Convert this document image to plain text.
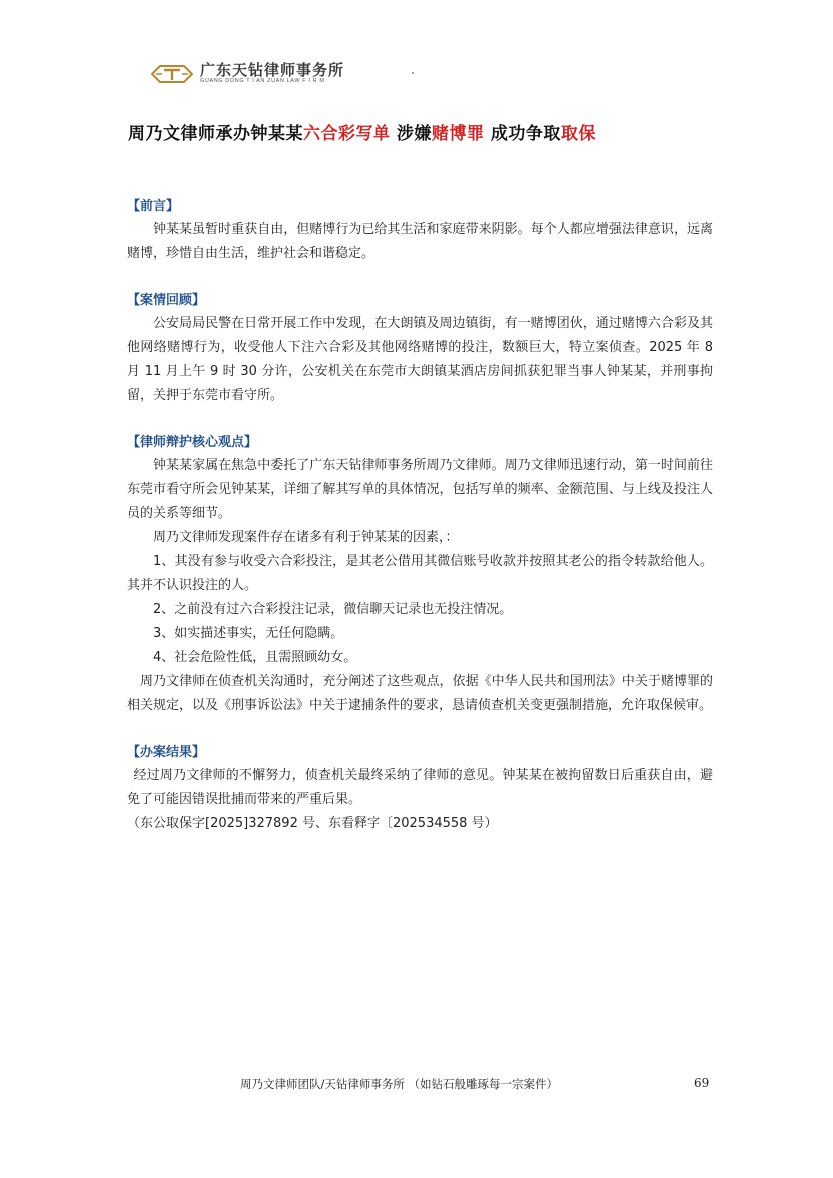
广东天钻律师事务所
GUANG DONG T I AN ZUAN LAW F I R M
周乃文律师承办钟某某六合彩写单 涉嫌赌博罪 成功争取取保

【前言】

钟某某虽暂时重获自由，但赌博行为已给其生活和家庭带来阴影。每个人都应增强法律意识，远离赌博，珍惜自由生活，维护社会和谐稳定。

【案情回顾】

公安局局民警在日常开展工作中发现，在大朗镇及周边镇街，有一赌博团伙，通过赌博六合彩及其他网络赌博行为，收受他人下注六合彩及其他网络赌博的投注，数额巨大，特立案侦查。2025 年 8 月 11 月上午 9 时 30 分许，公安机关在东莞市大朗镇某酒店房间抓获犯罪当事人钟某某，并刑事拘留，关押于东莞市看守所。

【律师辩护核心观点】

钟某某家属在焦急中委托了广东天钻律师事务所周乃文律师。周乃文律师迅速行动，第一时间前往东莞市看守所会见钟某某，详细了解其写单的具体情况，包括写单的频率、金额范围、与上线及投注人员的关系等细节。

周乃文律师发现案件存在诸多有利于钟某某的因素，：

1、其没有参与收受六合彩投注，是其老公借用其微信账号收款并按照其老公的指令转款给他人。其并不认识投注的人。

2、之前没有过六合彩投注记录，微信聊天记录也无投注情况。

3、如实描述事实，无任何隐瞒。

4、社会危险性低，且需照顾幼女。

周乃文律师在侦查机关沟通时，充分阐述了这些观点，依据《中华人民共和国刑法》中关于赌博罪的相关规定，以及《刑事诉讼法》中关于逮捕条件的要求，恳请侦查机关变更强制措施，允许取保候审。

【办案结果】

经过周乃文律师的不懈努力，侦查机关最终采纳了律师的意见。钟某某在被拘留数日后重获自由，避免了可能因错误批捕而带来的严重后果。

（东公取保字[2025]327892 号、东看释字〔202534558 号）

周乃文律师团队/天钻律师事务所 （如钻石般雕琢每一宗案件）	69
